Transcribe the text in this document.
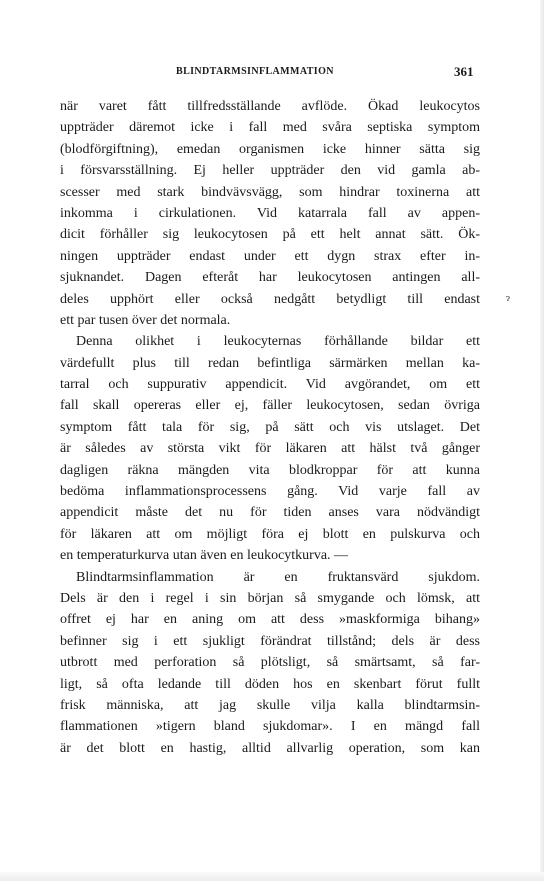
BLINDTARMSINFLAMMATION	361
när varet fått tillfredsställande avflöde. Ökad leukocytos
uppträder däremot icke i fall med svåra septiska symptom
(blodförgiftning), emedan organismen icke hinner sätta sig
i försvarsställning. Ej heller uppträder den vid gamla ab-
scesser med stark bindvävsvägg, som hindrar toxinerna att
inkomma i cirkulationen. Vid katarrala fall av appen-
dicit förhåller sig leukocytosen på ett helt annat sätt. Ök-
ningen uppträder endast under ett dygn strax efter in-
sjuknandet. Dagen efteråt har leukocytosen antingen all-
deles upphört eller också nedgått betydligt till endast
ett par tusen över det normala.
Denna olikhet i leukocyternas förhållande bildar ett
värdefullt plus till redan befintliga särmärken mellan ka-
tarral och suppurativ appendicit. Vid avgörandet, om ett
fall skall opereras eller ej, fäller leukocytosen, sedan övriga
symptom fått tala för sig, på sätt och vis utslaget. Det
är således av största vikt för läkaren att hälst två gånger
dagligen räkna mängden vita blodkroppar för att kunna
bedöma inflammationsprocessens gång. Vid varje fall av
appendicit måste det nu för tiden anses vara nödvändigt
för läkaren att om möjligt föra ej blott en pulskurva och
en temperaturkurva utan även en leukocytkurva. —
Blindtarmsinflammation är en fruktansvärd sjukdom.
Dels är den i regel i sin början så smygande och lömsk, att
offret ej har en aning om att dess »maskformiga bihang»
befinner sig i ett sjukligt förändrat tillstånd; dels är dess
utbrott med perforation så plötsligt, så smärtsamt, så far-
ligt, så ofta ledande till döden hos en skenbart förut fullt
frisk människa, att jag skulle vilja kalla blindtarmsin-
flammationen »tigern bland sjukdomar». I en mängd fall
är det blott en hastig, alltid allvarlig operation, som kan
ɂ
